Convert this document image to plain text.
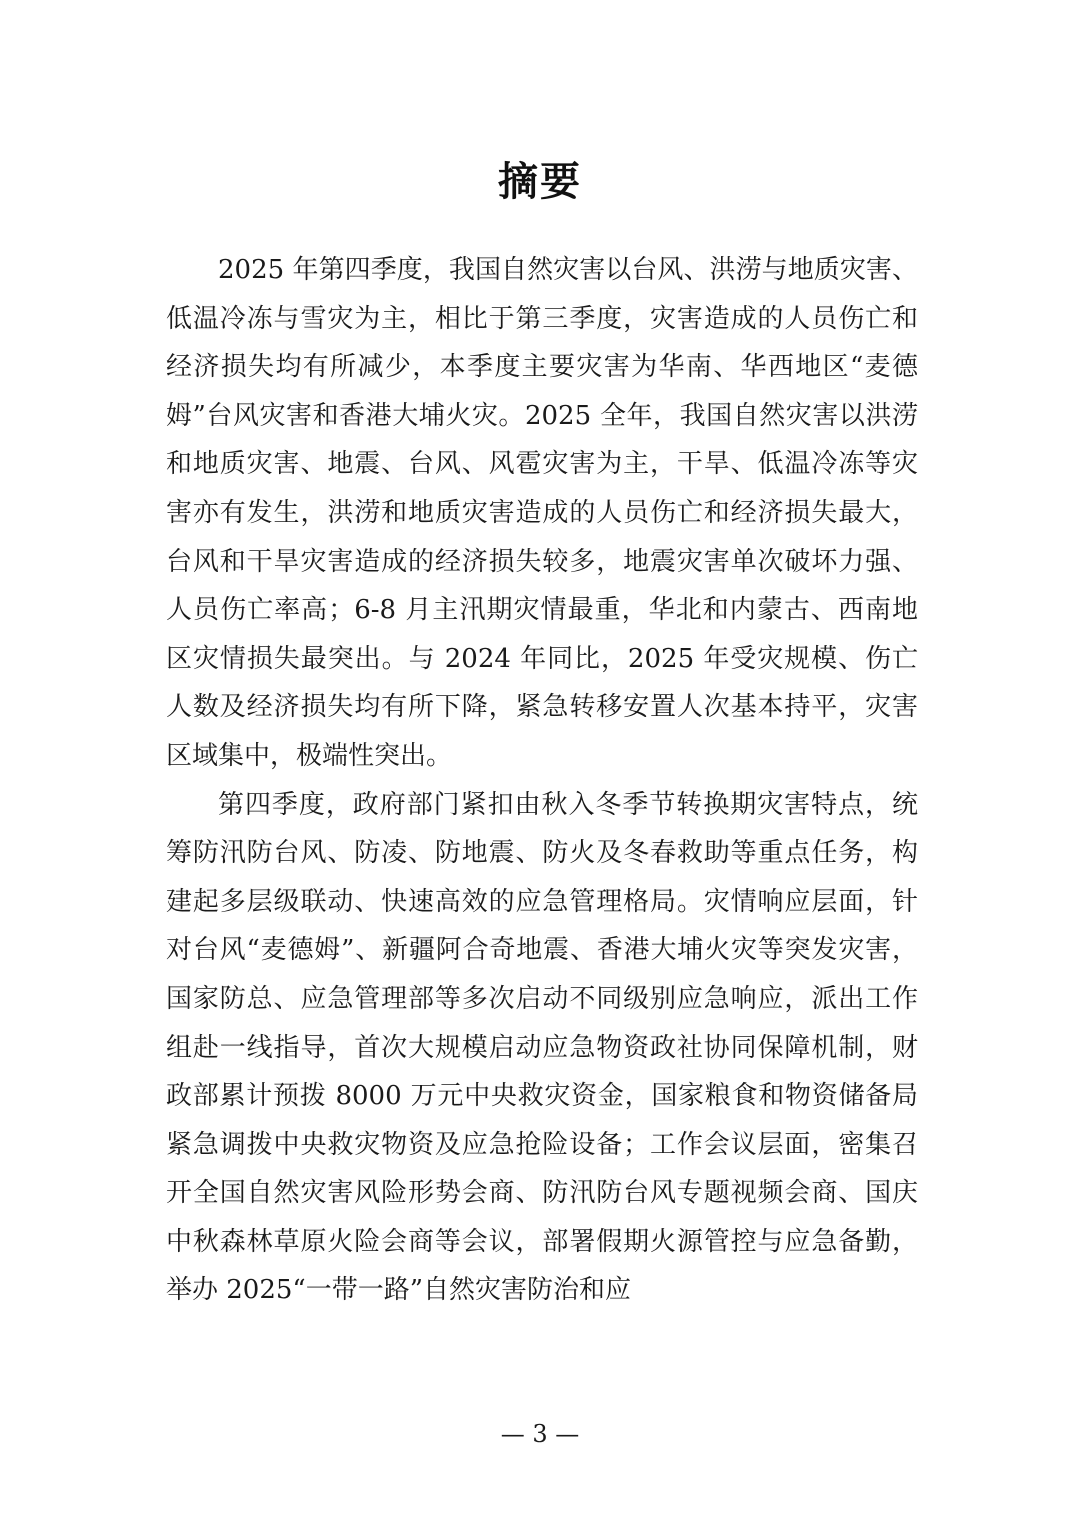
摘要

2025 年第四季度，我国自然灾害以台风、洪涝与地质灾害、低温冷冻与雪灾为主，相比于第三季度，灾害造成的人员伤亡和经济损失均有所减少，本季度主要灾害为华南、华西地区“麦德姆”台风灾害和香港大埔火灾。2025 全年，我国自然灾害以洪涝和地质灾害、地震、台风、风雹灾害为主，干旱、低温冷冻等灾害亦有发生，洪涝和地质灾害造成的人员伤亡和经济损失最大，台风和干旱灾害造成的经济损失较多，地震灾害单次破坏力强、人员伤亡率高；6-8 月主汛期灾情最重，华北和内蒙古、西南地区灾情损失最突出。与 2024 年同比，2025 年受灾规模、伤亡人数及经济损失均有所下降，紧急转移安置人次基本持平，灾害区域集中，极端性突出。

第四季度，政府部门紧扣由秋入冬季节转换期灾害特点，统筹防汛防台风、防凌、防地震、防火及冬春救助等重点任务，构建起多层级联动、快速高效的应急管理格局。灾情响应层面，针对台风“麦德姆”、新疆阿合奇地震、香港大埔火灾等突发灾害，国家防总、应急管理部等多次启动不同级别应急响应，派出工作组赴一线指导，首次大规模启动应急物资政社协同保障机制，财政部累计预拨 8000 万元中央救灾资金，国家粮食和物资储备局紧急调拨中央救灾物资及应急抢险设备；工作会议层面，密集召开全国自然灾害风险形势会商、防汛防台风专题视频会商、国庆中秋森林草原火险会商等会议，部署假期火源管控与应急备勤，举办 2025“一带一路”自然灾害防治和应

— 3 —
